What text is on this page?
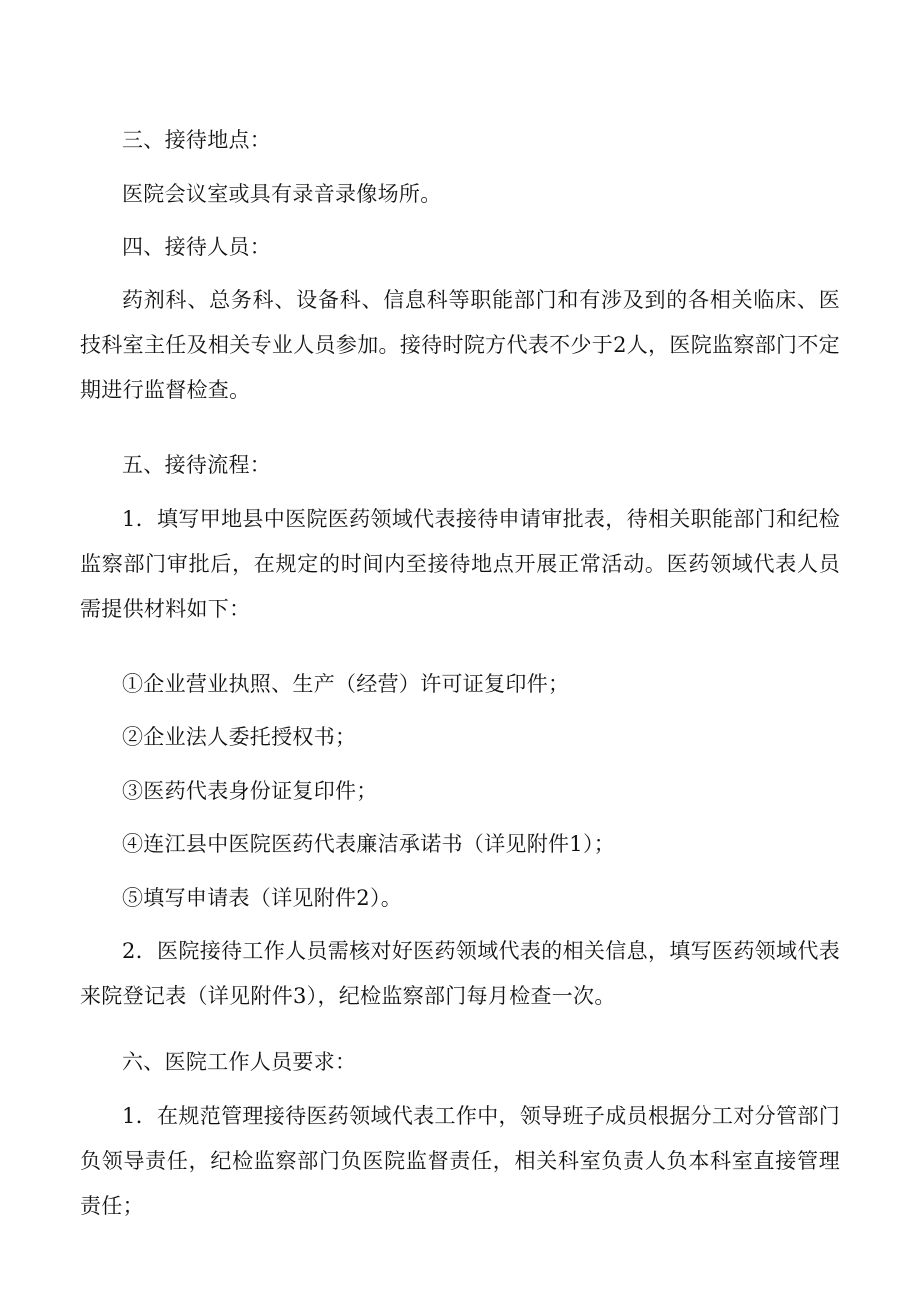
三、接待地点：

医院会议室或具有录音录像场所。

四、接待人员：

药剂科、总务科、设备科、信息科等职能部门和有涉及到的各相关临床、医技科室主任及相关专业人员参加。接待时院方代表不少于2人，医院监察部门不定期进行监督检查。

五、接待流程：

1．填写甲地县中医院医药领域代表接待申请审批表，待相关职能部门和纪检监察部门审批后，在规定的时间内至接待地点开展正常活动。医药领域代表人员需提供材料如下：

①企业营业执照、生产（经营）许可证复印件；

②企业法人委托授权书；

③医药代表身份证复印件；

④连江县中医院医药代表廉洁承诺书（详见附件1）；

⑤填写申请表（详见附件2）。

2．医院接待工作人员需核对好医药领域代表的相关信息，填写医药领域代表来院登记表（详见附件3），纪检监察部门每月检查一次。

六、医院工作人员要求：

1．在规范管理接待医药领域代表工作中，领导班子成员根据分工对分管部门负领导责任，纪检监察部门负医院监督责任，相关科室负责人负本科室直接管理责任；
